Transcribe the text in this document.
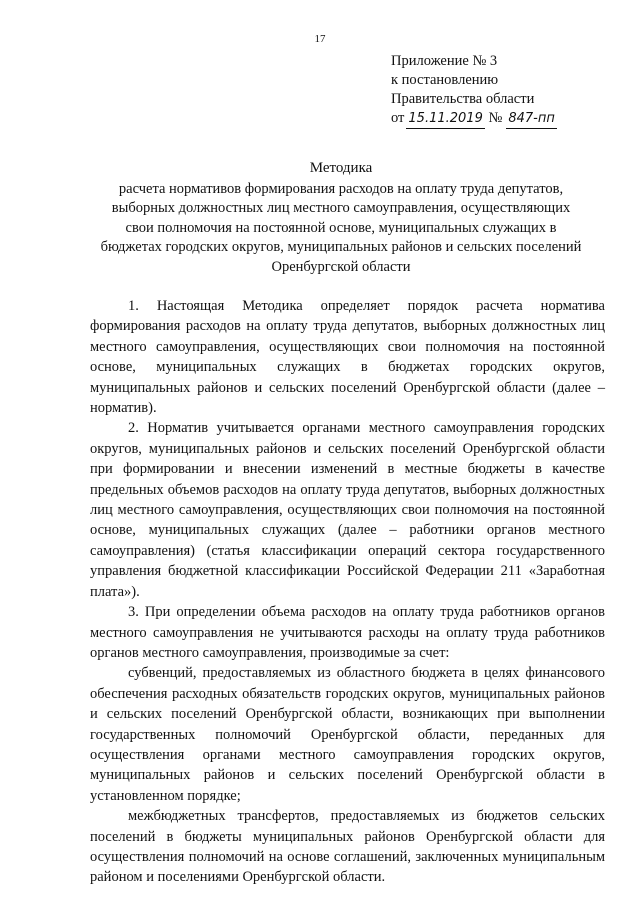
17
Приложение № 3
к постановлению
Правительства области
от 15.11.2019 № 847-пп
Методика
расчета нормативов формирования расходов на оплату труда депутатов,
выборных должностных лиц местного самоуправления, осуществляющих
свои полномочия на постоянной основе, муниципальных служащих в
бюджетах городских округов, муниципальных районов и сельских поселений
Оренбургской области

1. Настоящая Методика определяет порядок расчета норматива формирования расходов на оплату труда депутатов, выборных должностных лиц местного самоуправления, осуществляющих свои полномочия на постоянной основе, муниципальных служащих в бюджетах городских округов, муниципальных районов и сельских поселений Оренбургской области (далее – норматив).

2. Норматив учитывается органами местного самоуправления городских округов, муниципальных районов и сельских поселений Оренбургской области при формировании и внесении изменений в местные бюджеты в качестве предельных объемов расходов на оплату труда депутатов, выборных должностных лиц местного самоуправления, осуществляющих свои полномочия на постоянной основе, муниципальных служащих (далее – работники органов местного самоуправления) (статья классификации операций сектора государственного управления бюджетной классификации Российской Федерации 211 «Заработная плата»).

3. При определении объема расходов на оплату труда работников органов местного самоуправления не учитываются расходы на оплату труда работников органов местного самоуправления, производимые за счет:

субвенций, предоставляемых из областного бюджета в целях финансового обеспечения расходных обязательств городских округов, муниципальных районов и сельских поселений Оренбургской области, возникающих при выполнении государственных полномочий Оренбургской области, переданных для осуществления органами местного самоуправления городских округов, муниципальных районов и сельских поселений Оренбургской области в установленном порядке;

межбюджетных трансфертов, предоставляемых из бюджетов сельских поселений в бюджеты муниципальных районов Оренбургской области для осуществления полномочий на основе соглашений, заключенных муниципальным районом и поселениями Оренбургской области.
